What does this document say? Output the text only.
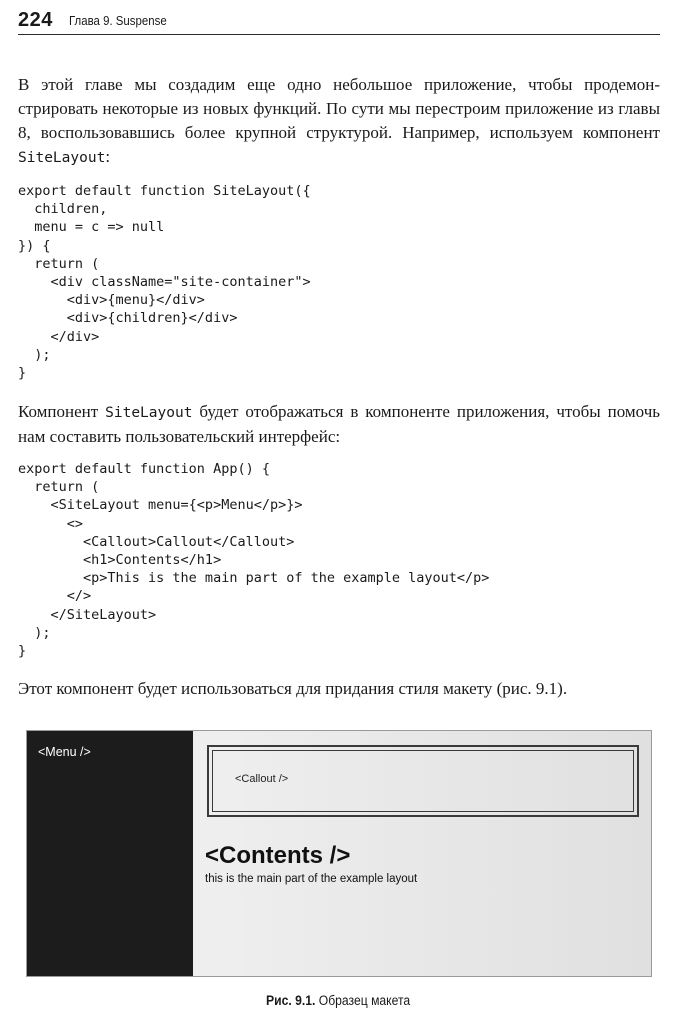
224 Глава 9. Suspense
В этой главе мы создадим еще одно небольшое приложение, чтобы продемон-стрировать некоторые из новых функций. По сути мы перестроим приложение из главы 8, воспользовавшись более крупной структурой. Например, используем компонент SiteLayout:
export default function SiteLayout({
children,
menu = c => null
}) {
return (
<div className="site-container">
<div>{menu}</div>
<div>{children}</div>
</div>
);
}
Компонент SiteLayout будет отображаться в компоненте приложения, чтобы помочь нам составить пользовательский интерфейс:
export default function App() {
return (
<SiteLayout menu={<p>Menu</p>}>
<>
<Callout>Callout</Callout>
<h1>Contents</h1>
<p>This is the main part of the example layout</p>
</>
</SiteLayout>
);
}
Этот компонент будет использоваться для придания стиля макету (рис. 9.1).
<Menu />
<Callout />
<Contents />
this is the main part of the example layout
Рис. 9.1. Образец макета
